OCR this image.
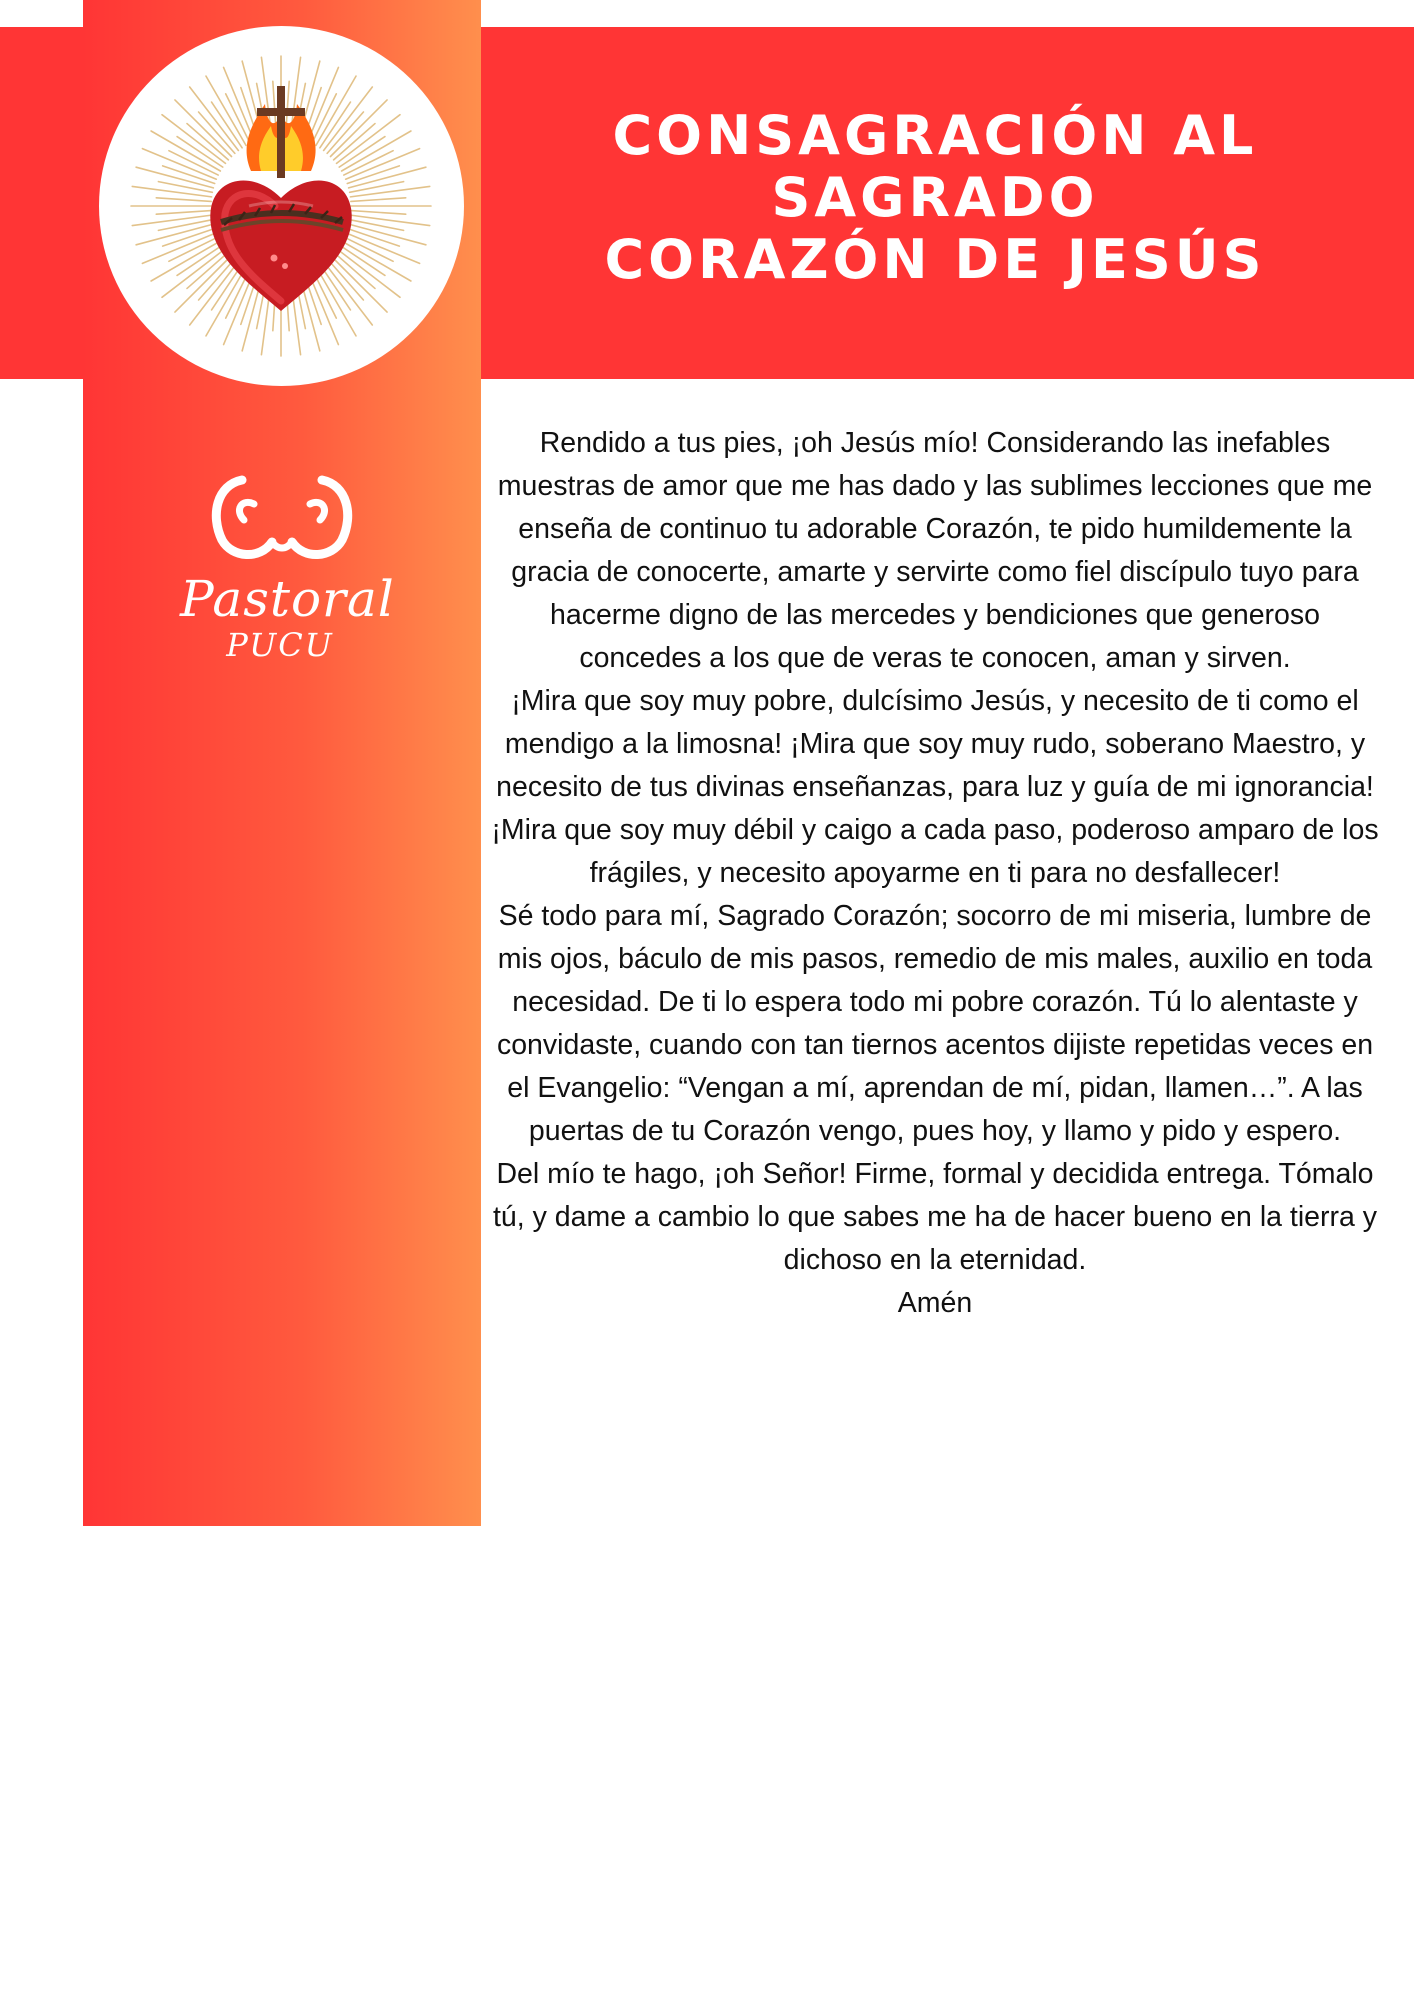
CONSAGRACIÓN AL
SAGRADO
CORAZÓN DE JESÚS
Pastoral
PUCU

Rendido a tus pies, ¡oh Jesús mío! Considerando las inefables muestras de amor que me has dado y las sublimes lecciones que me enseña de continuo tu adorable Corazón, te pido humildemente la gracia de conocerte, amarte y servirte como fiel discípulo tuyo para hacerme digno de las mercedes y bendiciones que generoso concedes a los que de veras te conocen, aman y sirven.

¡Mira que soy muy pobre, dulcísimo Jesús, y necesito de ti como el mendigo a la limosna! ¡Mira que soy muy rudo, soberano Maestro, y necesito de tus divinas enseñanzas, para luz y guía de mi ignorancia! ¡Mira que soy muy débil y caigo a cada paso, poderoso amparo de los frágiles, y necesito apoyarme en ti para no desfallecer!

Sé todo para mí, Sagrado Corazón; socorro de mi miseria, lumbre de mis ojos, báculo de mis pasos, remedio de mis males, auxilio en toda necesidad. De ti lo espera todo mi pobre corazón. Tú lo alentaste y convidaste, cuando con tan tiernos acentos dijiste repetidas veces en el Evangelio: “Vengan a mí, aprendan de mí, pidan, llamen…”. A las puertas de tu Corazón vengo, pues hoy, y llamo y pido y espero.

Del mío te hago, ¡oh Señor! Firme, formal y decidida entrega. Tómalo tú, y dame a cambio lo que sabes me ha de hacer bueno en la tierra y dichoso en la eternidad.

Amén
